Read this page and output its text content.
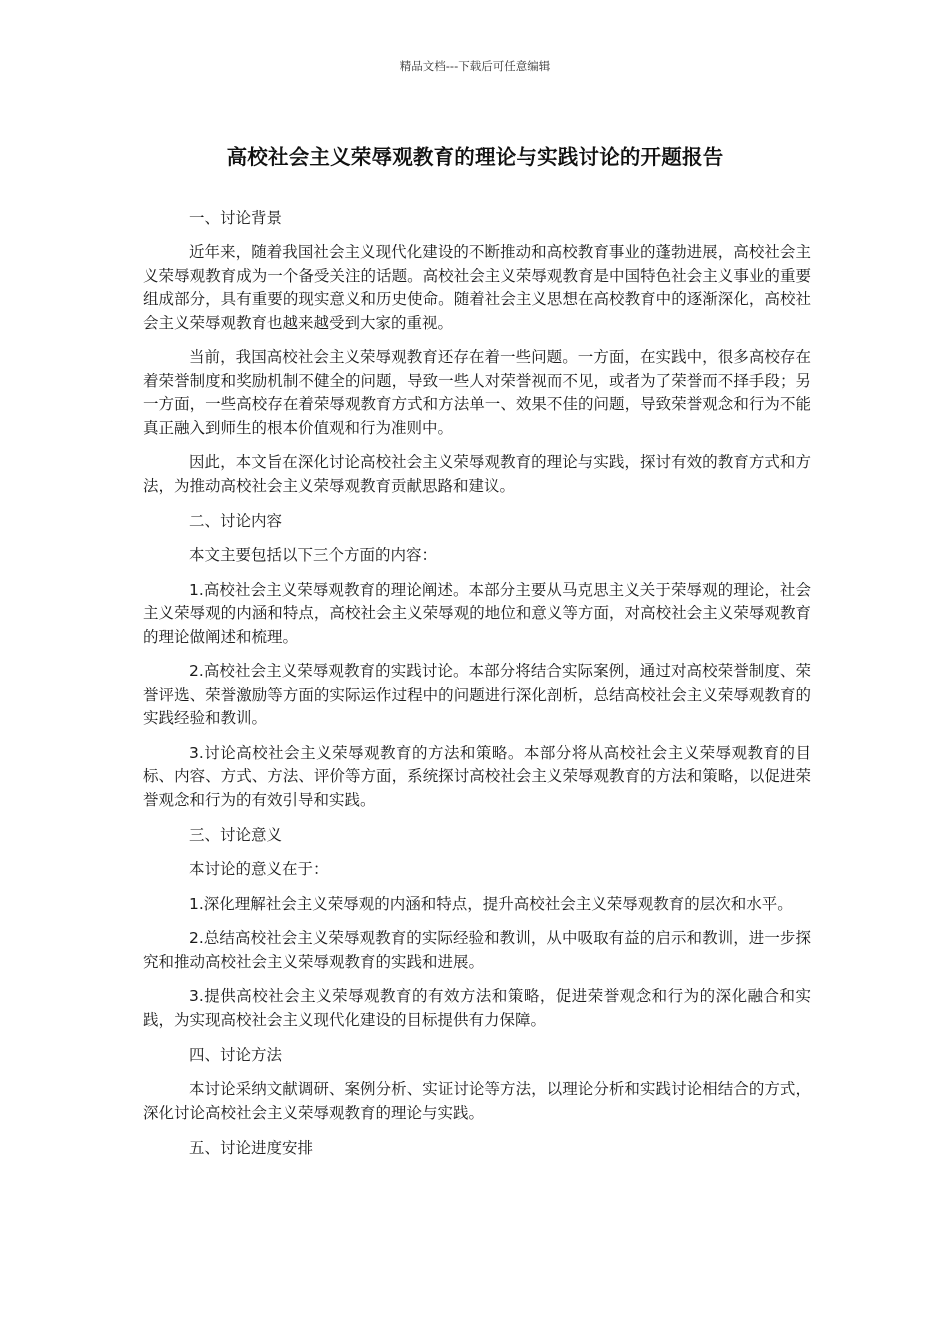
精品文档---下载后可任意编辑
高校社会主义荣辱观教育的理论与实践讨论的开题报告

一、讨论背景

近年来，随着我国社会主义现代化建设的不断推动和高校教育事业的蓬勃进展，高校社会主义荣辱观教育成为一个备受关注的话题。高校社会主义荣辱观教育是中国特色社会主义事业的重要组成部分，具有重要的现实意义和历史使命。随着社会主义思想在高校教育中的逐渐深化，高校社会主义荣辱观教育也越来越受到大家的重视。

当前，我国高校社会主义荣辱观教育还存在着一些问题。一方面，在实践中，很多高校存在着荣誉制度和奖励机制不健全的问题，导致一些人对荣誉视而不见，或者为了荣誉而不择手段；另一方面，一些高校存在着荣辱观教育方式和方法单一、效果不佳的问题，导致荣誉观念和行为不能真正融入到师生的根本价值观和行为准则中。

因此，本文旨在深化讨论高校社会主义荣辱观教育的理论与实践，探讨有效的教育方式和方法，为推动高校社会主义荣辱观教育贡献思路和建议。

二、讨论内容

本文主要包括以下三个方面的内容：

1.高校社会主义荣辱观教育的理论阐述。本部分主要从马克思主义关于荣辱观的理论，社会主义荣辱观的内涵和特点，高校社会主义荣辱观的地位和意义等方面，对高校社会主义荣辱观教育的理论做阐述和梳理。

2.高校社会主义荣辱观教育的实践讨论。本部分将结合实际案例，通过对高校荣誉制度、荣誉评选、荣誉激励等方面的实际运作过程中的问题进行深化剖析，总结高校社会主义荣辱观教育的实践经验和教训。

3.讨论高校社会主义荣辱观教育的方法和策略。本部分将从高校社会主义荣辱观教育的目标、内容、方式、方法、评价等方面，系统探讨高校社会主义荣辱观教育的方法和策略，以促进荣誉观念和行为的有效引导和实践。

三、讨论意义

本讨论的意义在于：

1.深化理解社会主义荣辱观的内涵和特点，提升高校社会主义荣辱观教育的层次和水平。

2.总结高校社会主义荣辱观教育的实际经验和教训，从中吸取有益的启示和教训，进一步探究和推动高校社会主义荣辱观教育的实践和进展。

3.提供高校社会主义荣辱观教育的有效方法和策略，促进荣誉观念和行为的深化融合和实践，为实现高校社会主义现代化建设的目标提供有力保障。

四、讨论方法

本讨论采纳文献调研、案例分析、实证讨论等方法，以理论分析和实践讨论相结合的方式，深化讨论高校社会主义荣辱观教育的理论与实践。

五、讨论进度安排
